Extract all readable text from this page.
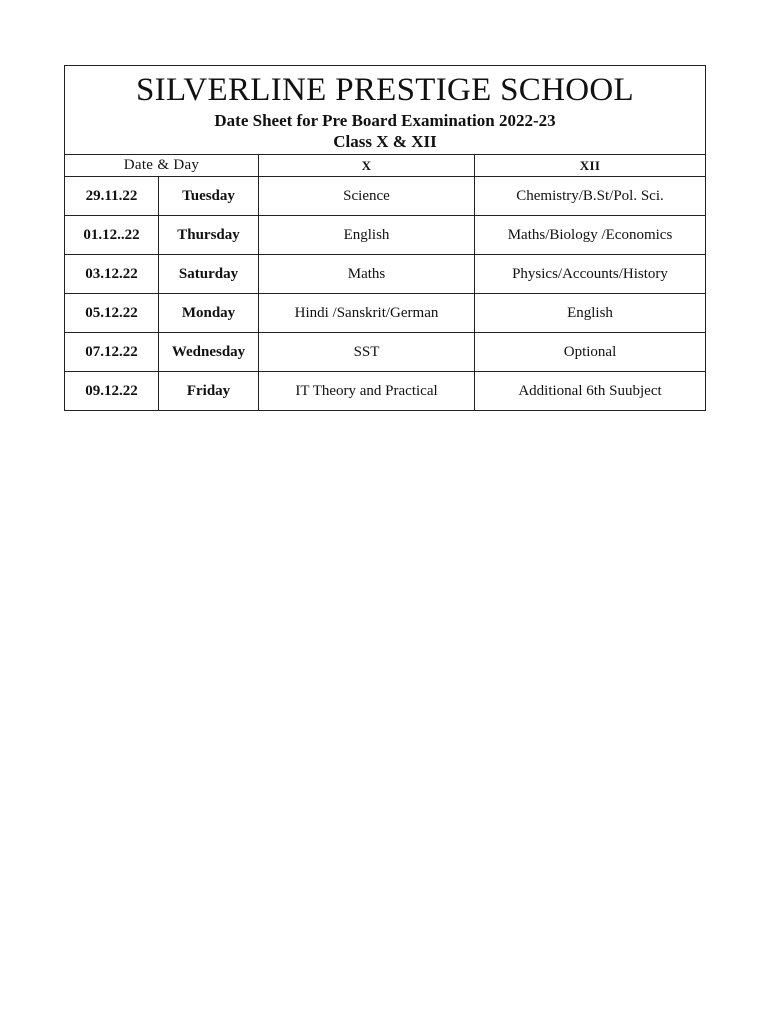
SILVERLINE PRESTIGE SCHOOL
Date Sheet for Pre Board Examination 2022-23
Class X & XII			

Date & Day		X	XII
29.11.22	Tuesday	Science	Chemistry/B.St/Pol. Sci.
01.12..22	Thursday	English	Maths/Biology /Economics
03.12.22	Saturday	Maths	Physics/Accounts/History
05.12.22	Monday	Hindi /Sanskrit/German	English
07.12.22	Wednesday	SST	Optional
09.12.22	Friday	IT Theory and Practical	Additional 6th Suubject
